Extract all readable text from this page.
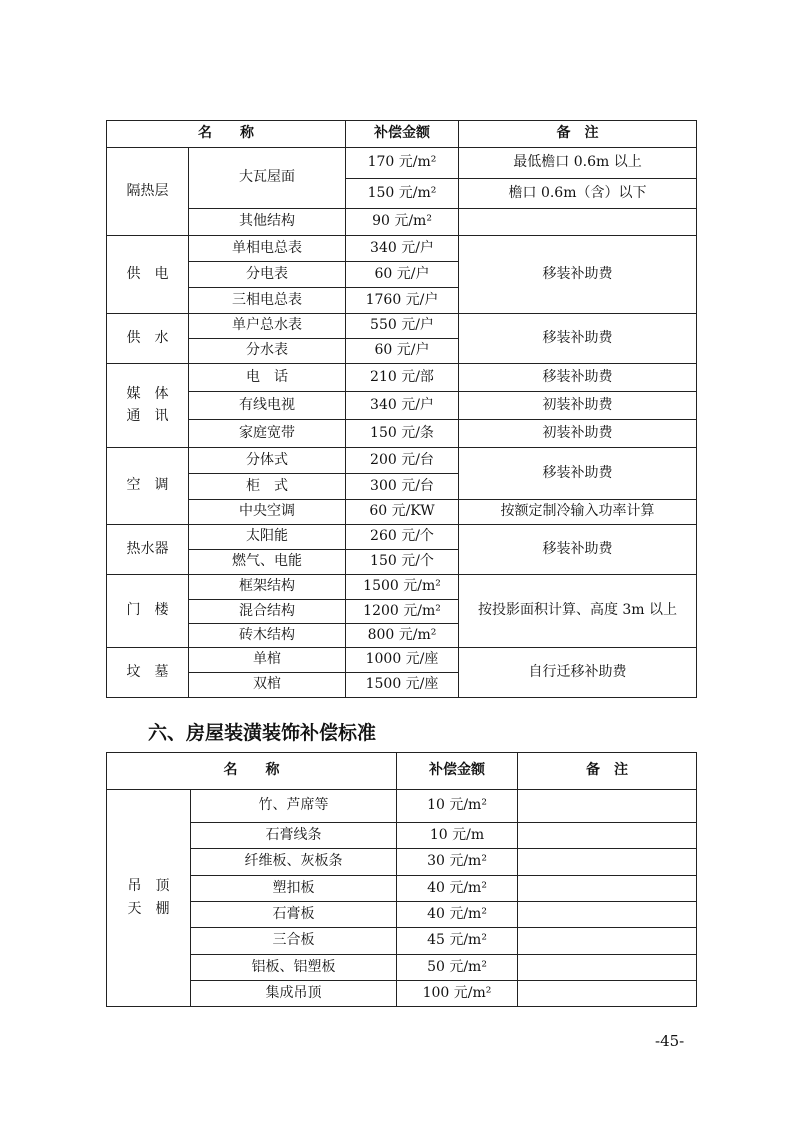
名　　称		补偿金额	备　注
隔热层	大瓦屋面	170 元/m²	最低檐口 0.6m 以上
		150 元/m²	檐口 0.6m（含）以下
	其他结构	90 元/m²	
供　电	单相电总表	340 元/户	移装补助费
	分电表	60 元/户	
	三相电总表	1760 元/户	
供　水	单户总水表	550 元/户	移装补助费
	分水表	60 元/户	

媒　体
通　讯	电　话	210 元/部	移装补助费
	有线电视	340 元/户	初装补助费
	家庭宽带	150 元/条	初装补助费
空　调	分体式	200 元/台	移装补助费
	柜　式	300 元/台	
	中央空调	60 元/KW	按额定制冷输入功率计算
热水器	太阳能	260 元/个	移装补助费
	燃气、电能	150 元/个	
门　楼	框架结构	1500 元/m²	按投影面积计算、高度 3m 以上
	混合结构	1200 元/m²	
	砖木结构	800 元/m²	
坟　墓	单棺	1000 元/座	自行迁移补助费
	双棺	1500 元/座	
六、房屋装潢装饰补偿标准
名　　称		补偿金额	备　注

吊　顶
天　棚	竹、芦席等	10 元/m²	
	石膏线条	10 元/m	
	纤维板、灰板条	30 元/m²	
	塑扣板	40 元/m²	
	石膏板	40 元/m²	
	三合板	45 元/m²	
	铝板、铝塑板	50 元/m²	
	集成吊顶	100 元/m²	
-45-
